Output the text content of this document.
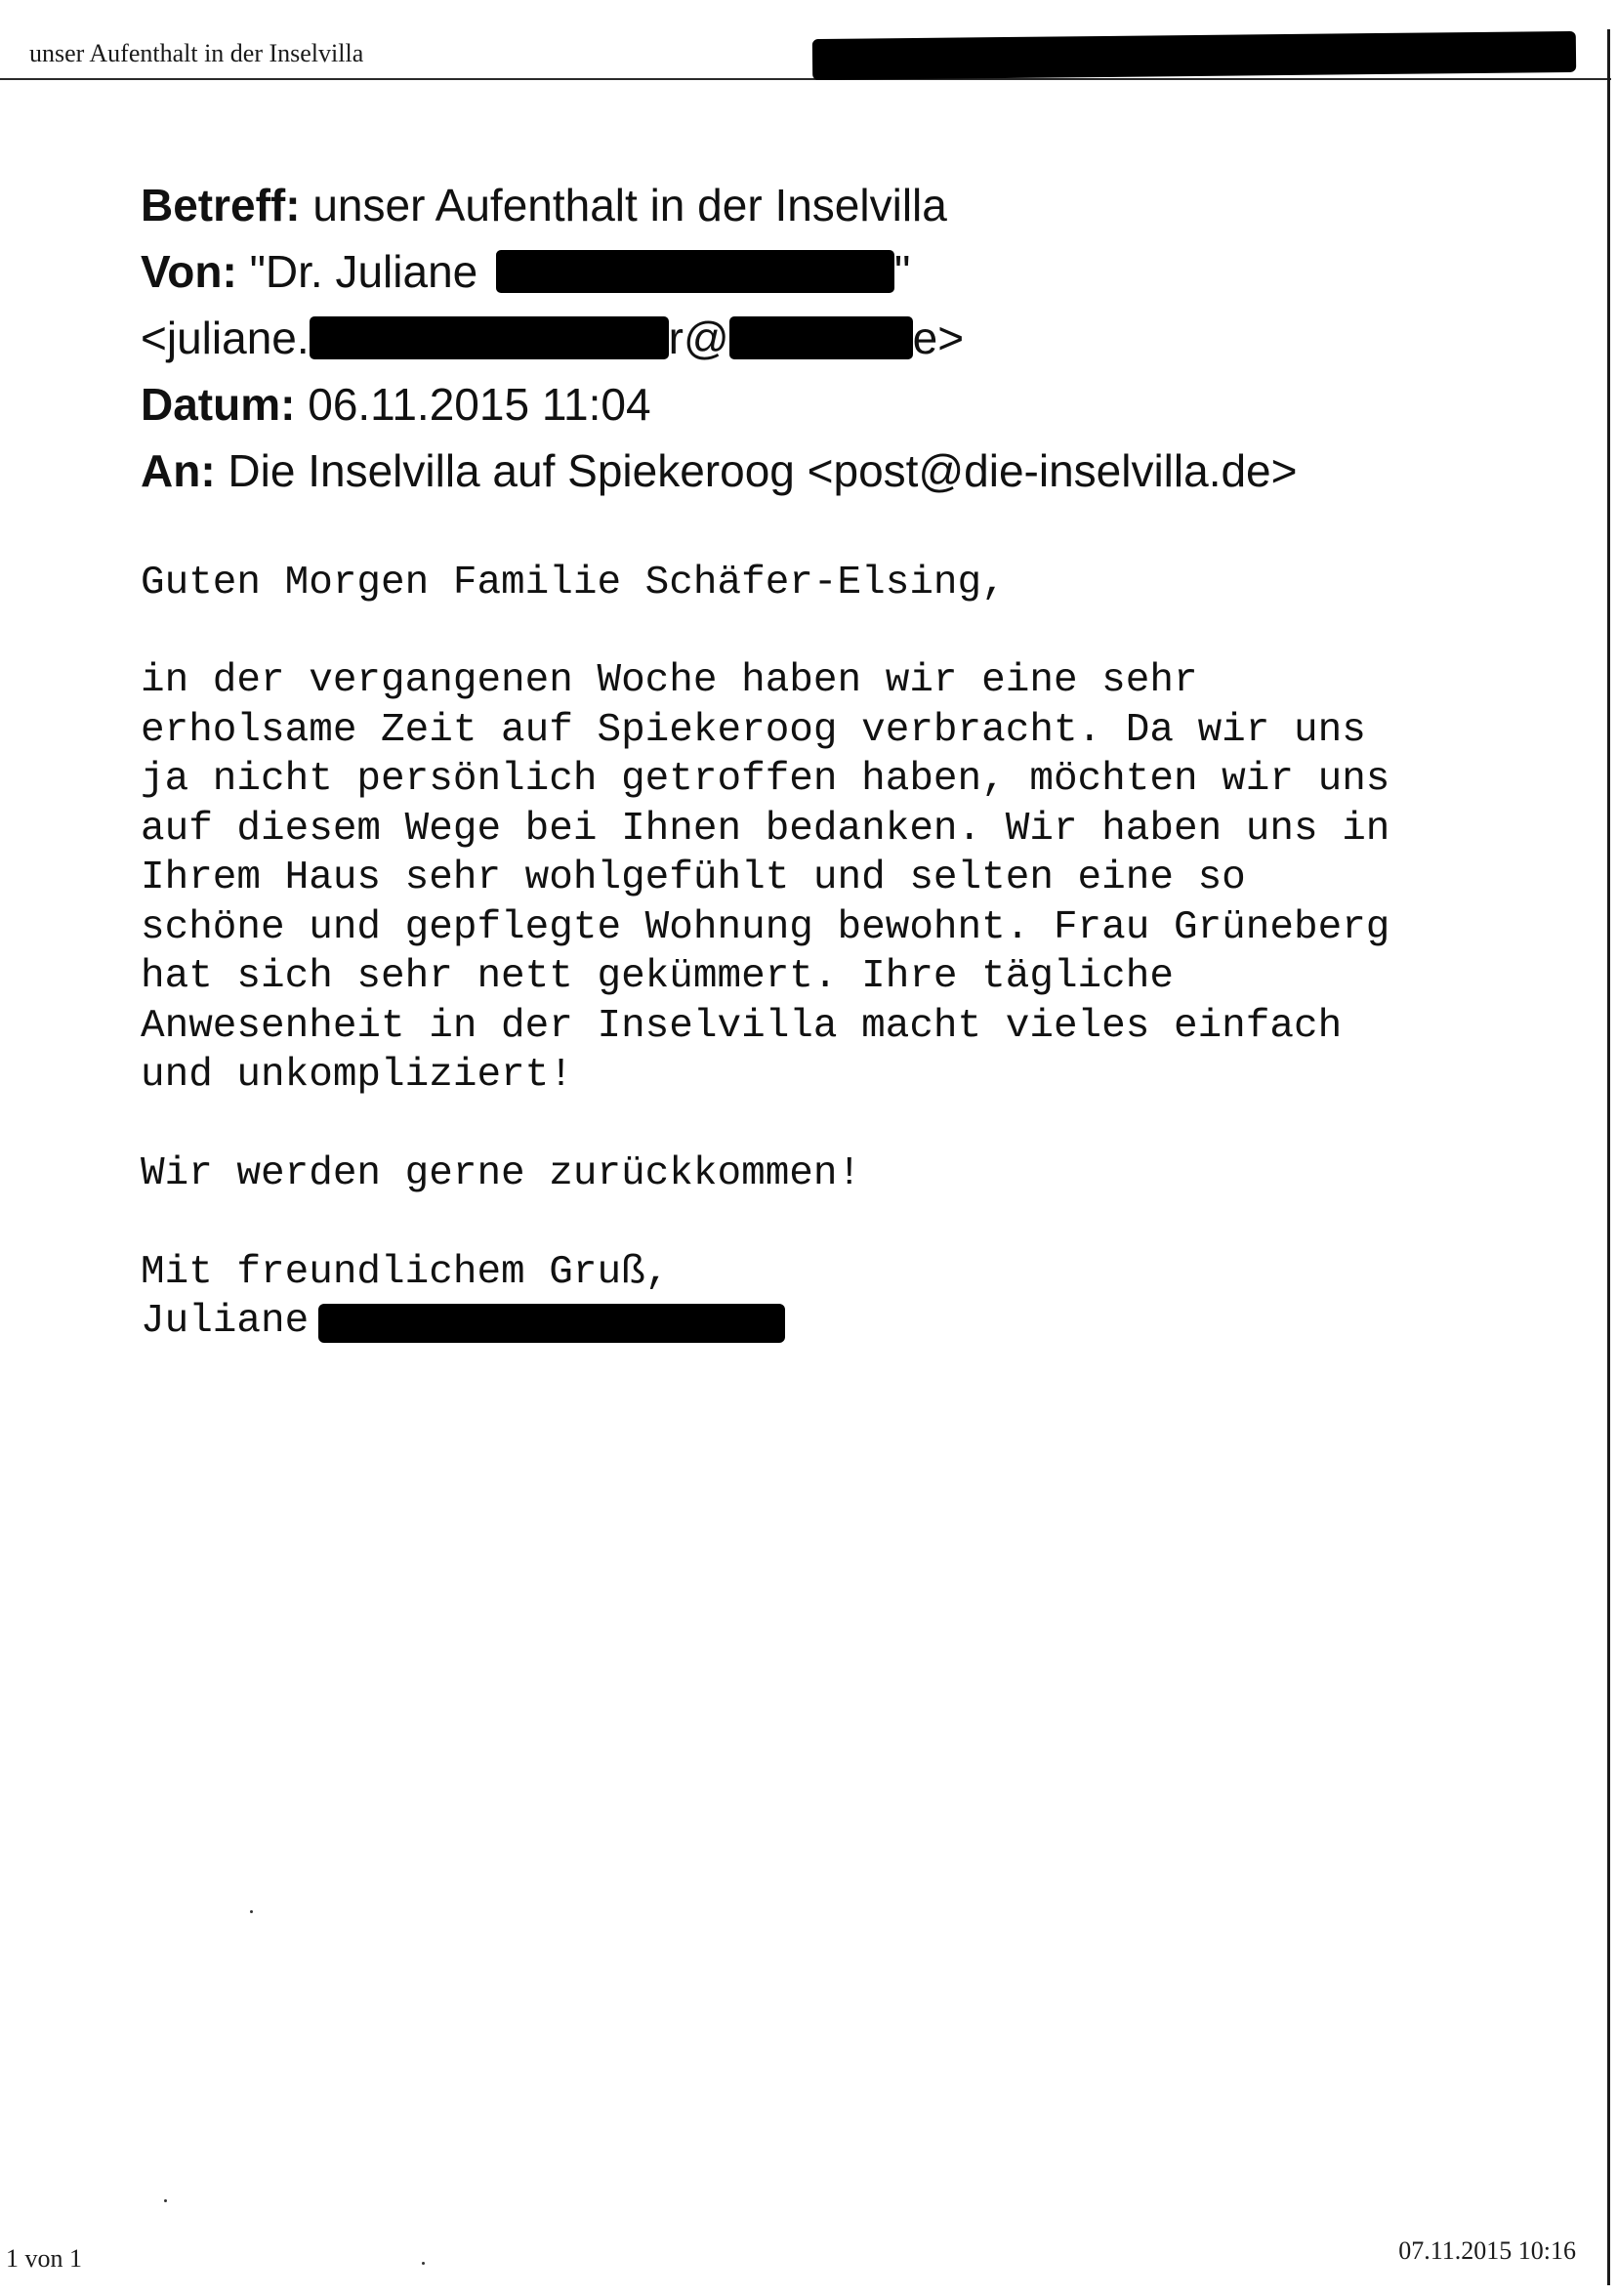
unser Aufenthalt in der Inselvilla
Betreff: unser Aufenthalt in der Inselvilla
Von: "Dr. Juliane	"
<juliane.	r@	e>
Datum: 06.11.2015 11:04
An: Die Inselvilla auf Spiekeroog <post@die-inselvilla.de>
Guten Morgen Familie Schäfer-Elsing,
in der vergangenen Woche haben wir eine sehr
erholsame Zeit auf Spiekeroog verbracht. Da wir uns
ja nicht persönlich getroffen haben, möchten wir uns
auf diesem Wege bei Ihnen bedanken. Wir haben uns in
Ihrem Haus sehr wohlgefühlt und selten eine so
schöne und gepflegte Wohnung bewohnt. Frau Grüneberg
hat sich sehr nett gekümmert. Ihre tägliche
Anwesenheit in der Inselvilla macht vieles einfach
und unkompliziert!
Wir werden gerne zurückkommen!
Mit freundlichem Gruß,
Juliane
1 von 1	07.11.2015 10:16
